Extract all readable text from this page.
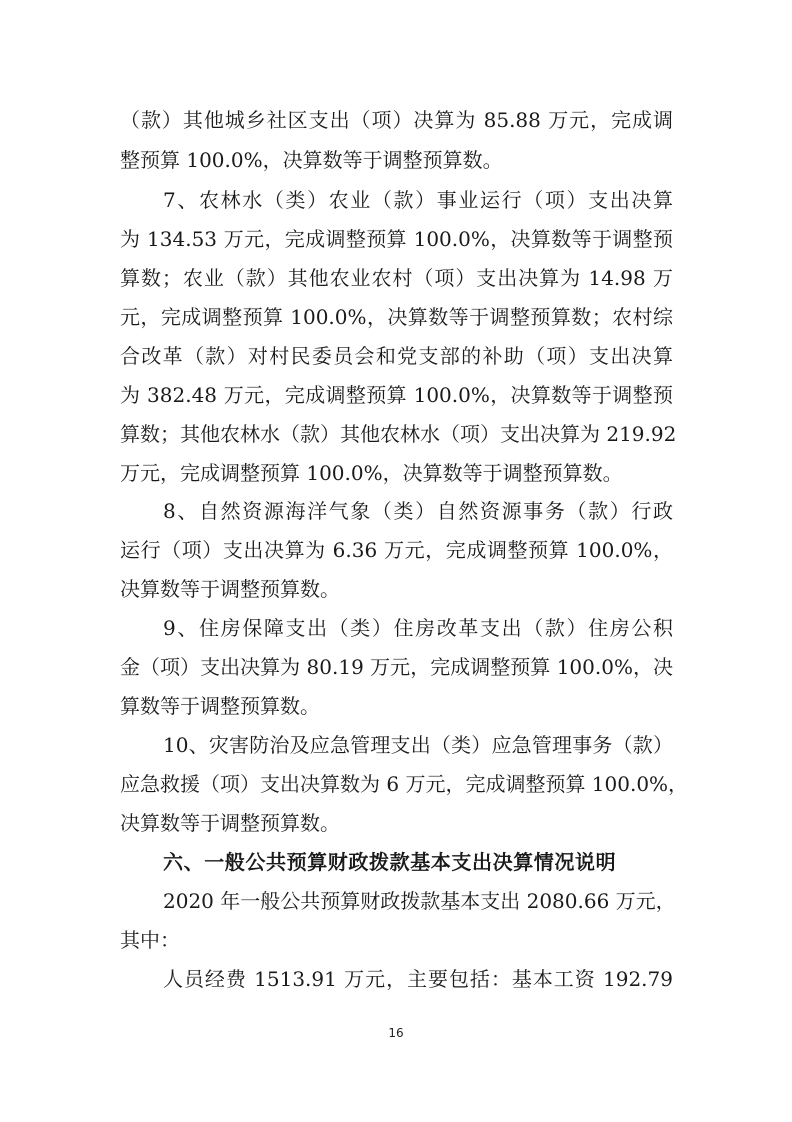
（款）其他城乡社区支出（项）决算为 85.88 万元，完成调
整预算 100.0%，决算数等于调整预算数。
7、农林水（类）农业（款）事业运行（项）支出决算
为 134.53 万元，完成调整预算 100.0%，决算数等于调整预
算数；农业（款）其他农业农村（项）支出决算为 14.98 万
元，完成调整预算 100.0%，决算数等于调整预算数；农村综
合改革（款）对村民委员会和党支部的补助（项）支出决算
为 382.48 万元，完成调整预算 100.0%，决算数等于调整预
算数；其他农林水（款）其他农林水（项）支出决算为 219.92
万元，完成调整预算 100.0%，决算数等于调整预算数。
8、自然资源海洋气象（类）自然资源事务（款）行政
运行（项）支出决算为 6.36 万元，完成调整预算 100.0%，
决算数等于调整预算数。
9、住房保障支出（类）住房改革支出（款）住房公积
金（项）支出决算为 80.19 万元，完成调整预算 100.0%，决
算数等于调整预算数。
10、灾害防治及应急管理支出（类）应急管理事务（款）
应急救援（项）支出决算数为 6 万元，完成调整预算 100.0%，
决算数等于调整预算数。
六、一般公共预算财政拨款基本支出决算情况说明
2020 年一般公共预算财政拨款基本支出 2080.66 万元，
其中：
人员经费 1513.91 万元，主要包括：基本工资 192.79
16
